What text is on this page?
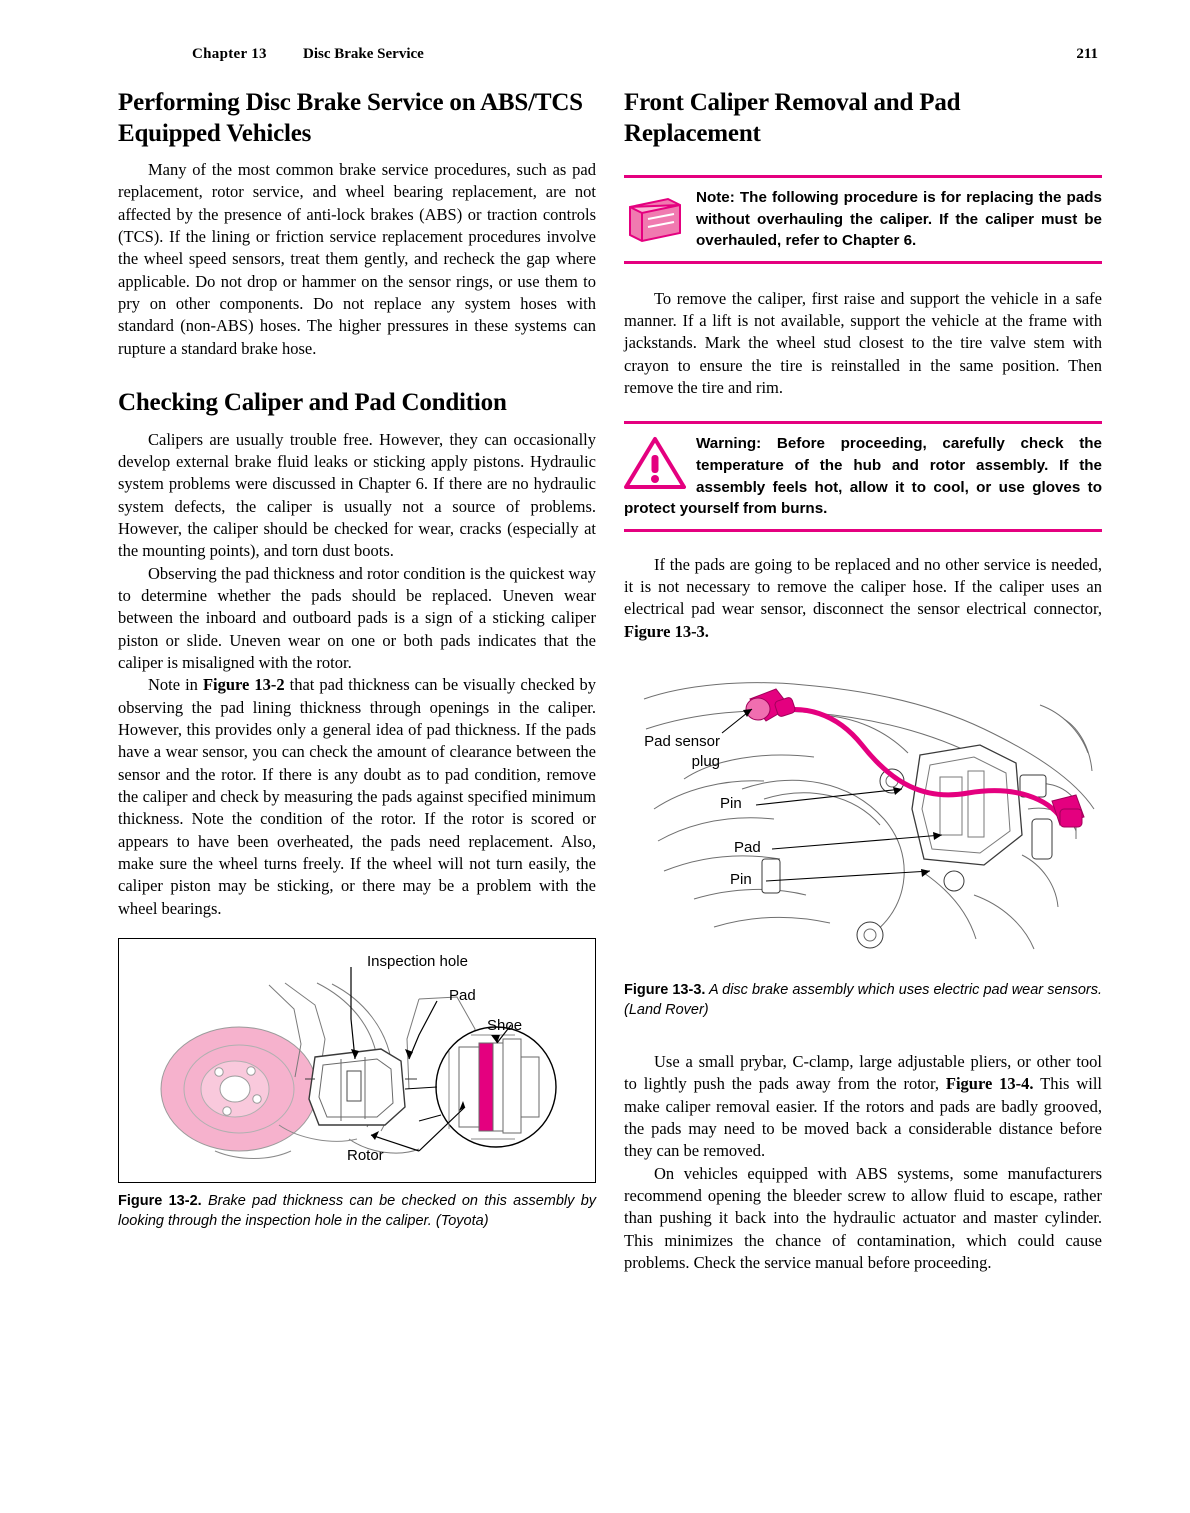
Chapter 13 Disc Brake Service	211
Performing Disc Brake Service on ABS/TCS Equipped Vehicles

Many of the most common brake service procedures, such as pad replacement, rotor service, and wheel bearing replacement, are not affected by the presence of anti-lock brakes (ABS) or traction controls (TCS). If the lining or friction service replacement procedures involve the wheel speed sensors, treat them gently, and recheck the gap where applicable. Do not drop or hammer on the sensor rings, or use them to pry on other components. Do not replace any system hoses with standard (non-ABS) hoses. The higher pressures in these systems can rupture a standard brake hose.

Checking Caliper and Pad Condition

Calipers are usually trouble free. However, they can occasionally develop external brake fluid leaks or sticking apply pistons. Hydraulic system problems were discussed in Chapter 6. If there are no hydraulic system defects, the caliper is usually not a source of problems. However, the caliper should be checked for wear, cracks (especially at the mounting points), and torn dust boots.

Observing the pad thickness and rotor condition is the quickest way to determine whether the pads should be replaced. Uneven wear between the inboard and outboard pads is a sign of a sticking caliper piston or slide. Uneven wear on one or both pads indicates that the caliper is misaligned with the rotor.

Note in Figure 13-2 that pad thickness can be visually checked by observing the pad lining thickness through openings in the caliper. However, this provides only a general idea of pad thickness. If the pads have a wear sensor, you can check the amount of clearance between the sensor and the rotor. If there is any doubt as to pad condition, remove the caliper and check by measuring the pads against specified minimum thickness. Note the condition of the rotor. If the rotor is scored or appears to have been overheated, the pads need replacement. Also, make sure the wheel turns freely. If the wheel will not turn easily, the caliper piston may be sticking, or there may be a problem with the wheel bearings.

Inspection hole
Pad
Shoe
Rotor
Figure 13-2. Brake pad thickness can be checked on this assembly by looking through the inspection hole in the caliper. (Toyota)
Front Caliper Removal and Pad Replacement

Note: The following procedure is for replacing the pads without overhauling the caliper. If the caliper must be overhauled, refer to Chapter 6.

To remove the caliper, first raise and support the vehicle in a safe manner. If a lift is not available, support the vehicle at the frame with jackstands. Mark the wheel stud closest to the tire valve stem with crayon to ensure the tire is reinstalled in the same position. Then remove the tire and rim.

Warning: Before proceeding, carefully check the temperature of the hub and rotor assembly. If the assembly feels hot, allow it to cool, or use gloves to protect yourself from burns.

If the pads are going to be replaced and no other service is needed, it is not necessary to remove the caliper hose. If the caliper uses an electrical pad wear sensor, disconnect the sensor electrical connector, Figure 13-3.

Pad sensor
plug
Pin
Pad
Pin
Figure 13-3. A disc brake assembly which uses electric pad wear sensors. (Land Rover)

Use a small prybar, C-clamp, large adjustable pliers, or other tool to lightly push the pads away from the rotor, Figure 13-4. This will make caliper removal easier. If the rotors and pads are badly grooved, the pads may need to be moved back a considerable distance before they can be removed.

On vehicles equipped with ABS systems, some manufacturers recommend opening the bleeder screw to allow fluid to escape, rather than pushing it back into the hydraulic actuator and master cylinder. This minimizes the chance of contamination, which could cause problems. Check the service manual before proceeding.
